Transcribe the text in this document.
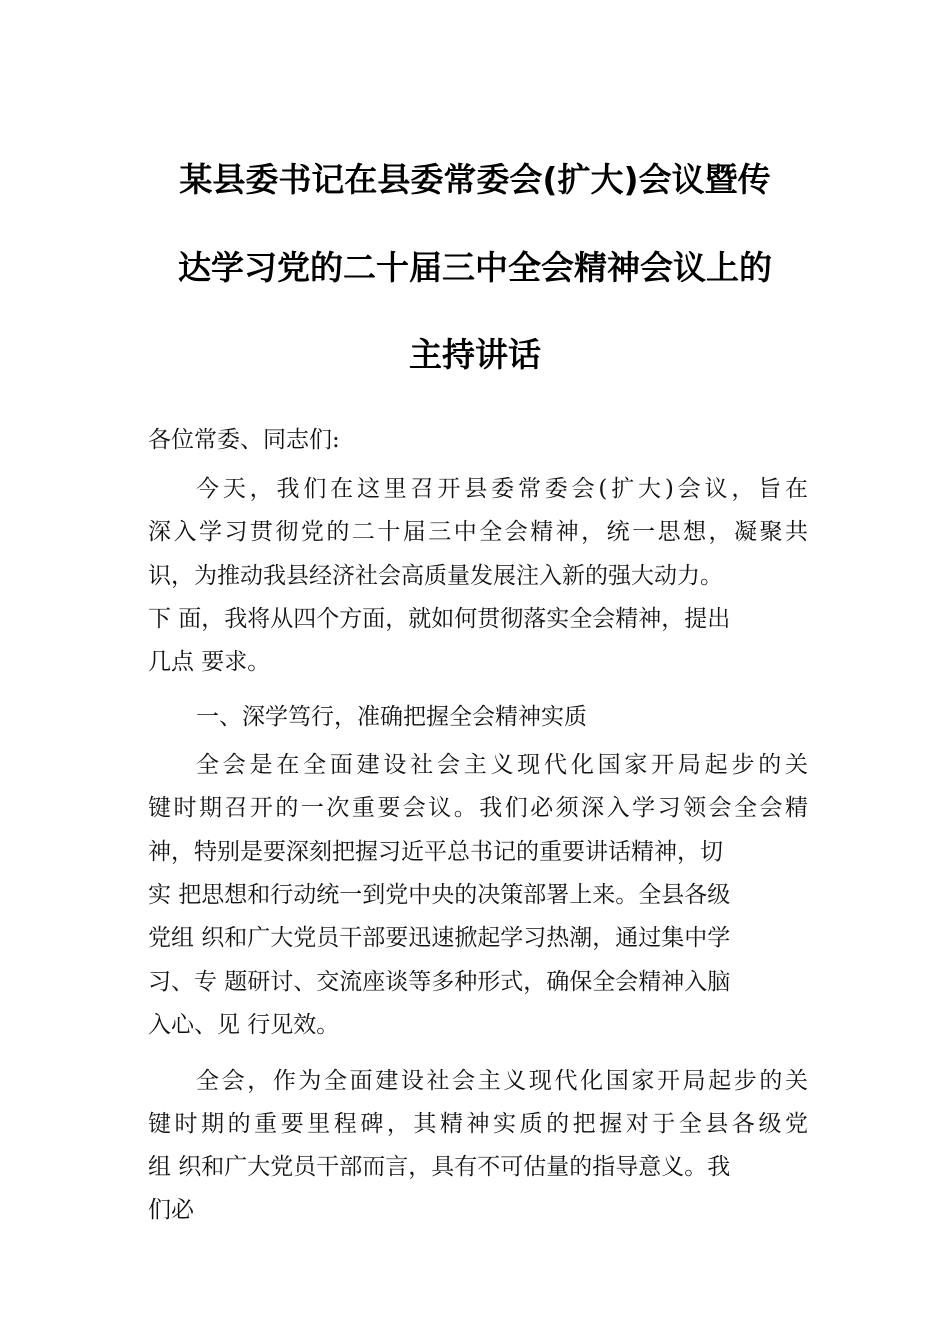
某县委书记在县委常委会(扩大)会议暨传
达学习党的二十届三中全会精神会议上的
主持讲话
各位常委、同志们:
今天，我们在这里召开县委常委会(扩大)会议，旨在
深入学习贯彻党的二十届三中全会精神，统一思想，凝聚共
识，为推动我县经济社会高质量发展注入新的强大动力。
下 面，我将从四个方面，就如何贯彻落实全会精神，提出
几点 要求。
一、深学笃行，准确把握全会精神实质
全会是在全面建设社会主义现代化国家开局起步的关
键时期召开的一次重要会议。我们必须深入学习领会全会精
神，特别是要深刻把握习近平总书记的重要讲话精神，切
实 把思想和行动统一到党中央的决策部署上来。全县各级
党组 织和广大党员干部要迅速掀起学习热潮，通过集中学
习、专 题研讨、交流座谈等多种形式，确保全会精神入脑
入心、见 行见效。
全会，作为全面建设社会主义现代化国家开局起步的关
键时期的重要里程碑，其精神实质的把握对于全县各级党
组 织和广大党员干部而言，具有不可估量的指导意义。我
们必
